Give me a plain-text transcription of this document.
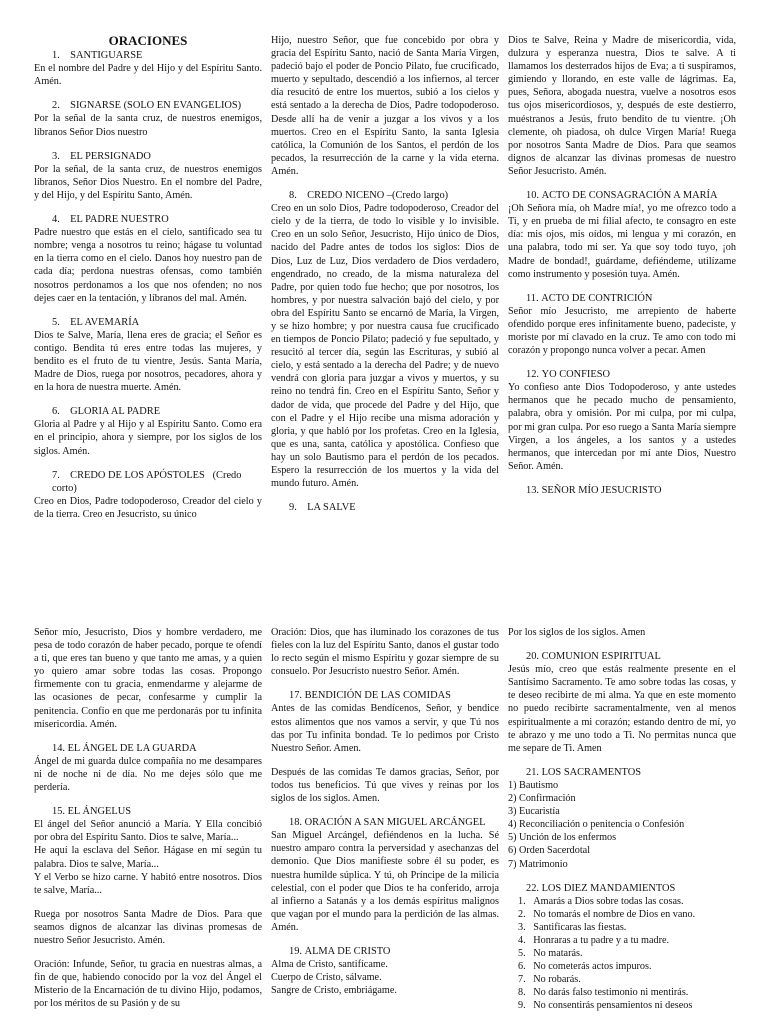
ORACIONES
1.    SANTIGUARSE

En el nombre del Padre y del Hijo y del Espíritu Santo. Amén.

2.    SIGNARSE (SOLO EN EVANGELIOS)

Por la señal de la santa cruz, de nuestros enemigos, líbranos Señor Dios nuestro

3.    EL PERSIGNADO

Por la señal, de la santa cruz, de nuestros enemigos líbranos, Señor Dios Nuestro. En el nombre del Padre, y del Hijo, y del Espíritu Santo, Amén.

4.    EL PADRE NUESTRO

Padre nuestro que estás en el cielo, santificado sea tu nombre; venga a nosotros tu reino; hágase tu voluntad en la tierra como en el cielo. Danos hoy nuestro pan de cada día; perdona nuestras ofensas, como también nosotros perdonamos a los que nos ofenden; no nos dejes caer en la tentación, y líbranos del mal. Amén.

5.    EL AVEMARÍA

Dios te Salve, María, llena eres de gracia; el Señor es contigo. Bendita tú eres entre todas las mujeres, y bendito es el fruto de tu vientre, Jesús. Santa María, Madre de Dios, ruega por nosotros, pecadores, ahora y en la hora de nuestra muerte. Amén.

6.    GLORIA AL PADRE

Gloria al Padre y al Hijo y al Espíritu Santo. Como era en el principio, ahora y siempre, por los siglos de los siglos. Amén.

7.    CREDO DE LOS APÓSTOLES   (Credo corto)

Creo en Dios, Padre todopoderoso, Creador del cielo y de la tierra. Creo en Jesucristo, su único

Hijo, nuestro Señor, que fue concebido por obra y gracia del Espíritu Santo, nació de Santa María Virgen, padeció bajo el poder de Poncio Pilato, fue crucificado, muerto y sepultado, descendió a los infiernos, al tercer día resucitó de entre los muertos, subió a los cielos y está sentado a la derecha de Dios, Padre todopoderoso. Desde allí ha de venir a juzgar a los vivos y a los muertos. Creo en el Espíritu Santo, la santa Iglesia católica, la Comunión de los Santos, el perdón de los pecados, la resurrección de la carne y la vida eterna. Amén.

8.    CREDO NICENO –(Credo largo)

Creo en un solo Dios, Padre todopoderoso, Creador del cielo y de la tierra, de todo lo visible y lo invisible. Creo en un solo Señor, Jesucristo, Hijo único de Dios, nacido del Padre antes de todos los siglos: Dios de Dios, Luz de Luz, Dios verdadero de Dios verdadero, engendrado, no creado, de la misma naturaleza del Padre, por quien todo fue hecho; que por nosotros, los hombres, y por nuestra salvación bajó del cielo, y por obra del Espíritu Santo se encarnó de María, la Virgen, y se hizo hombre; y por nuestra causa fue crucificado en tiempos de Poncio Pilato; padeció y fue sepultado, y resucitó al tercer día, según las Escrituras, y subió al cielo, y está sentado a la derecha del Padre; y de nuevo vendrá con gloria para juzgar a vivos y muertos, y su reino no tendrá fin. Creo en el Espíritu Santo, Señor y dador de vida, que procede del Padre y del Hijo, que con el Padre y el Hijo recibe una misma adoración y gloria, y que habló por los profetas. Creo en la Iglesia, que es una, santa, católica y apostólica. Confieso que hay un solo Bautismo para el perdón de los pecados. Espero la resurrección de los muertos y la vida del mundo futuro. Amén.

9.    LA SALVE

Dios te Salve, Reina y Madre de misericordia, vida, dulzura y esperanza nuestra, Dios te salve. A ti llamamos los desterrados hijos de Eva; a ti suspiramos, gimiendo y llorando, en este valle de lágrimas. Ea, pues, Señora, abogada nuestra, vuelve a nosotros esos tus ojos misericordiosos, y, después de este destierro, muéstranos a Jesús, fruto bendito de tu vientre. ¡Oh clemente, oh piadosa, oh dulce Virgen María! Ruega por nosotros Santa Madre de Dios. Para que seamos dignos de alcanzar las divinas promesas de nuestro Señor Jesucristo. Amén.

10. ACTO DE CONSAGRACIÓN A MARÍA

¡Oh Señora mía, oh Madre mía!, yo me ofrezco todo a Ti, y en prueba de mi filial afecto, te consagro en este día: mis ojos, mis oídos, mi lengua y mi corazón, en una palabra, todo mi ser. Ya que soy todo tuyo, ¡oh Madre de bondad!, guárdame, defiéndeme, utilízame como instrumento y posesión tuya. Amén.

11. ACTO DE CONTRICIÓN

Señor mío Jesucristo, me arrepiento de haberte ofendido porque eres infinitamente bueno, padeciste, y moriste por mí clavado en la cruz. Te amo con todo mi corazón y propongo nunca volver a pecar. Amen

12. YO CONFIESO

Yo confieso ante Dios Todopoderoso, y ante ustedes hermanos que he pecado mucho de pensamiento, palabra, obra y omisión. Por mi culpa, por mi culpa, por mi gran culpa. Por eso ruego a Santa María siempre Virgen, a los ángeles, a los santos y a ustedes hermanos, que intercedan por mí ante Dios, Nuestro Señor. Amén.

13. SEÑOR MÍO JESUCRISTO

Señor mío, Jesucristo, Dios y hombre verdadero, me pesa de todo corazón de haber pecado, porque te ofendí a ti, que eres tan bueno y que tanto me amas, y a quien yo quiero amar sobre todas las cosas. Propongo firmemente con tu gracia, enmendarme y alejarme de las ocasiones de pecar, confesarme y cumplir la penitencia. Confío en que me perdonarás por tu infinita misericordia. Amén.

14. EL ÁNGEL DE LA GUARDA

Ángel de mi guarda dulce compañía no me desampares ni de noche ni de día. No me dejes sólo que me perdería.

15. EL ÁNGELUS
El ángel del Señor anunció a María. Y Ella concibió por obra del Espíritu Santo. Dios te salve, María...
He aquí la esclava del Señor. Hágase en mí según tu palabra. Dios te salve, María...

Y el Verbo se hizo carne. Y habitó entre nosotros. Dios te salve, María...

Ruega por nosotros Santa Madre de Dios. Para que seamos dignos de alcanzar las divinas promesas de nuestro Señor Jesucristo. Amén.

Oración: Infunde, Señor, tu gracia en nuestras almas, a fin de que, habiendo conocido por la voz del Ángel el Misterio de la Encarnación de tu divino Hijo, podamos, por los méritos de su Pasión y de su

Oración: Dios, que has iluminado los corazones de tus fieles con la luz del Espíritu Santo, danos el gustar todo lo recto según el mismo Espíritu y gozar siempre de su consuelo. Por Jesucristo nuestro Señor. Amén.

17. BENDICIÓN DE LAS COMIDAS

Antes de las comidas Bendícenos, Señor, y bendice estos alimentos que nos vamos a servir, y que Tú nos das por Tu infinita bondad. Te lo pedimos por Cristo Nuestro Señor. Amen.

Después de las comidas Te damos gracias, Señor, por todos tus beneficios. Tú que vives y reinas por los siglos de los siglos. Amen.

18. ORACIÓN A SAN MIGUEL ARCÁNGEL

San Miguel Arcángel, defiéndenos en la lucha. Sé nuestro amparo contra la perversidad y asechanzas del demonio. Que Dios manifieste sobre él su poder, es nuestra humilde súplica. Y tú, oh Príncipe de la milicia celestial, con el poder que Dios te ha conferido, arroja al infierno a Satanás y a los demás espíritus malignos que vagan por el mundo para la perdición de las almas. Amén.

19. ALMA DE CRISTO
Alma de Cristo, santifícame.
Cuerpo de Cristo, sálvame.
Sangre de Cristo, embriágame.

Por los siglos de los siglos. Amen

20. COMUNION ESPIRITUAL

Jesús mío, creo que estás realmente presente en el Santísimo Sacramento. Te amo sobre todas las cosas, y te deseo recibirte de mi alma. Ya que en este momento no puedo recibirte sacramentalmente, ven al menos espiritualmente a mi corazón; estando dentro de mí, yo te abrazo y me uno todo a Ti. No permitas nunca que me separe de Ti. Amen

21. LOS SACRAMENTOS
1) Bautismo
2) Confirmación
3) Eucaristía
4) Reconciliación o penitencia o Confesión
5) Unción de los enfermos
6) Orden Sacerdotal
7) Matrimonio
22. LOS DIEZ MANDAMIENTOS
1.   Amarás a Dios sobre todas las cosas.
2.   No tomarás el nombre de Dios en vano.
3.   Santificaras las fiestas.
4.   Honraras a tu padre y a tu madre.
5.   No matarás.
6.   No cometerás actos impuros.
7.   No robarás.
8.   No darás falso testimonio ni mentirás.
9.   No consentirás pensamientos ni deseos
